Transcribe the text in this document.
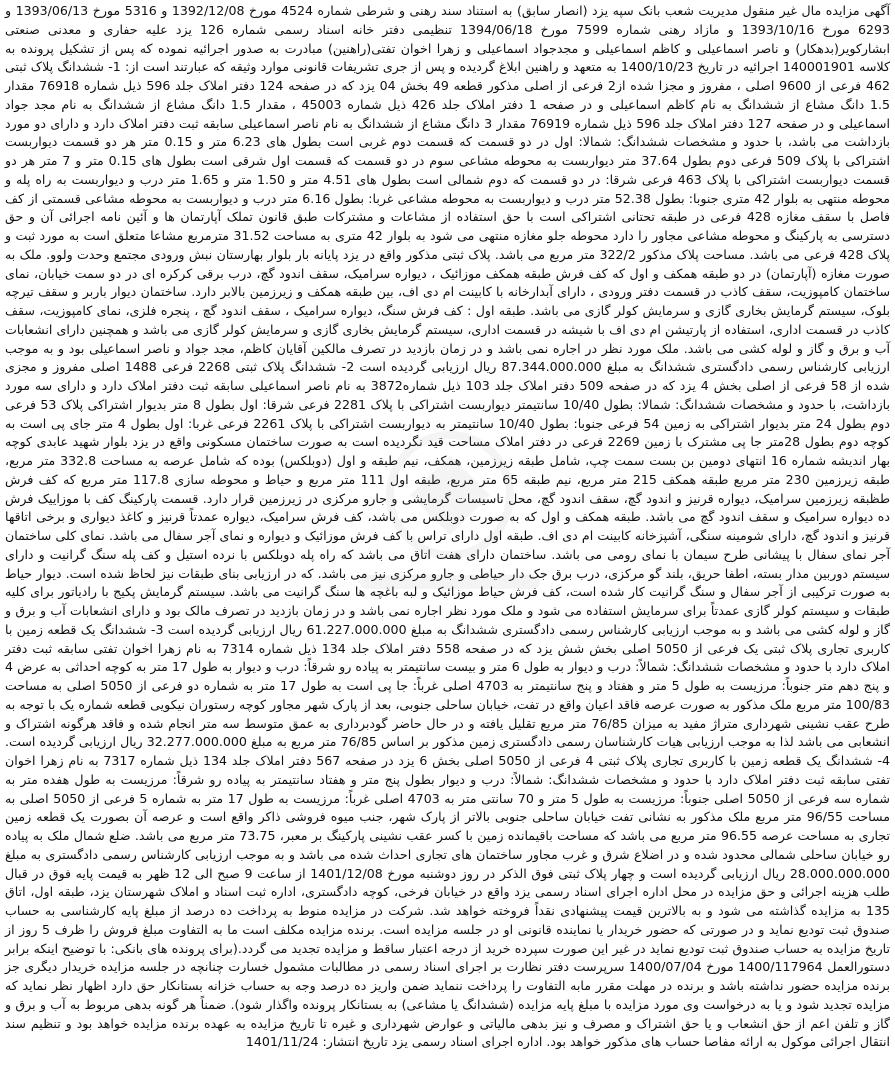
آگهی مزایده مال غیر منقول مدیریت شعب بانک سپه یزد (انصار سابق) به استناد سند رهنی و شرطی شماره 4524 مورخ 1392/12/08 و 5316 مورخ 1393/06/13 و 6293 مورخ 1393/10/16 و مازاد رهنی شماره 7599 مورخ 1394/06/18 تنظیمی دفتر خانه اسناد رسمی شماره 126 یزد علیه حفاری و معدنی صنعتی ابشارکویر(بدهکار) و ناصر اسماعیلی و کاظم اسماعیلی و مجدجواد اسماعیلی و زهرا اخوان تفتی(راهنین) مبادرت به صدور اجرائیه نموده که پس از تشکیل پرونده به کلاسه 140001901 اجرائیه در تاریخ 1400/10/23 به متعهد و راهنین ابلاغ گردیده و پس از جری تشریفات قانونی موارد وثیقه که عبارتند است از: 1- ششدانگ پلاک ثبتی 462 فرعی از 9600 اصلی ، مفروز و مجزا شده از2 فرعی از اصلی مذکور قطعه 49 بخش 04 یزد که در صفحه 124 دفتر املاک جلد 596 ذیل شماره 76918 مقدار 1.5 دانگ مشاع از ششدانگ به نام کاظم اسماعیلی و در صفحه 1 دفتر املاک جلد 426 ذیل شماره 45003 ، مقدار 1.5 دانگ مشاع از ششدانگ به نام مجد جواد اسماعیلی و در صفحه 127 دفتر املاک جلد 596 ذیل شماره 76919 مقدار 3 دانگ مشاع از ششدانگ به نام ناصر اسماعیلی سابقه ثبت دفتر املاک دارد و دارای دو مورد بازداشت می باشد، با حدود و مشخصات ششدانگ: شمالا: اول در دو قسمت که قسمت دوم غربی است بطول های 6.23 متر و 0.15 متر هر دو قسمت دیواربست اشتراکی با پلاک 509 فرعی دوم بطول 37.64 متر دیواربست به محوطه مشاعی سوم در دو قسمت که قسمت اول شرقی است بطول های 0.15 متر و 7 متر هر دو قسمت دیواربست اشتراکی با پلاک 463 فرعی شرقا: در دو قسمت که دوم شمالی است بطول های 4.51 متر و 1.50 متر و 1.65 متر درب و دیواربست به راه پله و محوطه منتهی به بلوار 42 متری جنوبا: بطول 52.38 متر درب و دیواربست به محوطه مشاعی غربا: بطول 6.16 متر درب و دیواربست به محوطه مشاعی قسمتی از کف فاصل با سقف مغازه 428 فرعی در طبقه تحتانی اشتراکی است با حق استفاده از مشاعات و مشترکات طبق قانون تملک آپارتمان ها و آئین نامه اجرائی آن و حق دسترسی به پارکینگ و محوطه مشاعی مجاور را دارد محوطه جلو مغازه منتهی می شود به بلوار 42 متری به مساحت 31.52 مترمربع مشاعا متعلق است به مورد ثبت و پلاک 428 فرعی می باشد. مساحت پلاک مذکور 322/2 متر مربع می باشد. پلاک ثبتی مذکور واقع در یزد پایانه بار بلوار بهارستان نبش ورودی مجتمع وحدت ولوو. ملک به صورت مغازه (آپارتمان) در دو طبقه همکف و اول که کف فرش طبقه همکف موزائیک ، دیواره سرامیک، سقف اندود گچ، درب برقی کرکره ای در دو سمت خیابان، نمای ساختمان کامپوزیت، سقف کاذب در قسمت دفتر ورودی ، دارای آبدارخانه با کابینت ام دی اف، بین طبقه همکف و زیرزمین بالابر دارد. ساختمان دیوار باربر و سقف تیرچه بلوک، سیستم گرمایش بخاری گازی و سرمایش کولر گازی می باشد. طبقه اول : کف فرش سنگ، دیواره سرامیک ، سقف اندود گچ ، پنجره فلزی، نمای کامپوزیت، سقف کاذب در قسمت اداری، استفاده از پارتیشن ام دی اف با شیشه در قسمت اداری، سیستم گرمایش بخاری گازی و سرمایش کولر گازی می باشد و همچنین دارای انشعابات آب و برق و گاز و لوله کشی می باشد. ملک مورد نظر در اجاره نمی باشد و در زمان بازدید در تصرف مالکین آقایان کاظم، مجد جواد و ناصر اسماعیلی بود و به موجب ارزیابی کارشناس رسمی دادگستری ششدانگ به مبلغ 87.344.000.000 ریال ارزیابی گردیده است 2- ششدانگ پلاک ثبتی 2268 فرعی 1488 اصلی مفروز و مجزی شده از 58 فرعی از اصلی بخش 4 یزد که در صفحه 509 دفتر املاک جلد 103 ذیل شماره3872 به نام ناصر اسماعیلی سابقه ثبت دفتر املاک دارد و دارای سه مورد بازداشت، با حدود و مشخصات ششدانگ: شمالا: بطول 10/40 سانتیمتر دیواربست اشتراکی با پلاک 2281 فرعی شرقا: اول بطول 8 متر بدیوار اشتراکی پلاک 53 فرعی دوم بطول 24 متر بدیوار اشتراکی به زمین 54 فرعی جنوبا: بطول 10/40 سانتیمتر به دیواربست اشتراکی با پلاک 2261 فرعی غربا: اول بطول 4 متر جای پی است به کوچه دوم بطول 28متر جا پی مشترک با زمین 2269 فرعی در دفتر املاک مساحت قید نگردیده است به صورت ساختمان مسکونی واقع در یزد بلوار شهید عابدی کوچه بهار اندیشه شماره 16 انتهای دومین بن بست سمت چپ، شامل طبقه زیرزمین، همکف، نیم طبقه و اول (دوبلکس) بوده که شامل عرصه به مساحت 332.8 متر مربع، طبقه زیرزمین 230 متر مربع طبقه همکف 215 متر مربع، نیم طبقه 65 متر مربع، طبقه اول 111 متر مربع و حیاط و محوطه سازی 117.8 متر مربع که کف فرش طظبقه زیرزمین سرامیک، دیواره قرنیز و اندود گچ، سقف اندود گچ، محل تاسیسات گرمایشی و جارو مرکزی در زیرزمین قرار دارد. قسمت پارکینگ کف با موزاییک فرش ده دیواره سرامیک و سقف اندود گچ می باشد. طبقه همکف و اول که به صورت دوبلکس می باشد، کف فرش سرامیک، دیواره عمدتاً قرنیز و کاغذ دیواری و برخی اتاقها قرنیز و اندود گچ، دارای شومینه سنگی، آشپزخانه کابینت ام دی اف. طبقه اول دارای تراس با کف فرش موزائیک و دیواره و نمای آجر سفال می باشد. نمای کلی ساختمان آجر نمای سفال با پیشانی طرح سیمان با نمای رومی می باشد. ساختمان دارای هفت اتاق می باشد که راه پله دوبلکس با نرده استیل و کف پله سنگ گرانیت و دارای سیستم دوربین مدار بسته، اطفا حریق، بلند گو مرکزی، درب برق جک دار حیاطی و جارو مرکزی نیز می باشد. که در ارزیابی بنای طبقات نیز لحاظ شده است. دیوار حیاط به صورت ترکیبی از آجر سفال و سنگ گرانیت کار شده است، کف فرش حیاط موزائیک و لبه باغچه ها سنگ گرانیت می باشد. سیستم گرمایش پکیج با رادیاتور برای کلیه طبقات و سیستم کولر گازی عمدتاً برای سرمایش استفاده می شود و ملک مورد نظر اجاره نمی باشد و در زمان بازدید در تصرف مالک بود و دارای انشعابات آب و برق و گاز و لوله کشی می باشد و به موجب ارزیابی کارشناس رسمی دادگستری ششدانگ به مبلغ 61.227.000.000 ریال ارزیابی گردیده است 3- ششدانگ یک قطعه زمین با کاربری تجاری پلاک ثبتی یک فرعی از 5050 اصلی بخش شش یزد که در صفحه 558 دفتر املاک جلد 134 ذیل شماره 7314 به نام زهرا اخوان تفتی سابقه ثبت دفتر املاک دارد با حدود و مشخصات ششدانگ: شمالاً: درب و دیوار به طول 6 متر و بیست سانتیمتر به پیاده رو شرقاً: درب و دیوار به طول 17 متر به کوچه احداثی به عرض 4 و پنج دهم متر جنوباً: مرزیست به طول 5 متر و هفتاد و پنج سانتیمتر به 4703 اصلی غرباً: جا پی است به طول 17 متر به شماره دو فرعی از 5050 اصلی به مساحت 100/83 متر مربع ملک مذکور به صورت عرصه فاقد اعیان واقع در تفت، خیابان ساحلی جنوبی، بعد از پارک شهر مجاور کوچه رستوران نیکویی قطعه شماره یک با توجه به طرح عقب نشینی شهرداری متراژ مفید به میزان 76/85 متر مربع تقلیل یافته و در حال حاضر گودبرداری به عمق متوسط سه متر انجام شده و فاقد هرگونه اشتراک و انشعابی می باشد لذا به موجب ارزیابی هیات کارشناسان رسمی دادگستری زمین مذکور بر اساس 76/85 متر مربع به مبلغ 32.277.000.000 ریال ارزیابی گردیده است. 4- ششدانگ یک قطعه زمین با کاربری تجاری پلاک ثبتی 4 فرعی از 5050 اصلی بخش 6 یزد در صفحه 567 دفتر املاک جلد 134 ذیل شماره 7317 به نام زهرا اخوان تفتی سابقه ثبت دفتر املاک دارد با حدود و مشخصات ششدانگ: شمالاً: درب و دیوار بطول پنج متر و هفتاد سانتیمتر به پیاده رو شرقاً: مرزیست به طول هفده متر به شماره سه فرعی از 5050 اصلی جنوباً: مرزیست به طول 5 متر و 70 سانتی متر به 4703 اصلی غرباً: مرزیست به طول 17 متر به شماره 5 فرعی از 5050 اصلی به مساحت 96/55 متر مربع ملک مذکور به نشانی تفت خیابان ساحلی جنوبی بالاتر از پارک شهر، جنب میوه فروشی ذاکر واقع است و عرصه آن بصورت یک قطعه زمین تجاری به مساحت عرصه 96.55 متر مربع می باشد که مساحت باقیمانده زمین با کسر عقب نشینی پارکینگ بر معبر، 73.75 متر مربع می باشد. ضلع شمال ملک به پیاده رو خیابان ساحلی شمالی محدود شده و در اضلاع شرق و غرب مجاور ساختمان های تجاری احداث شده می باشد و به موجب ارزیابی کارشناس رسمی دادگستری به مبلغ 28.000.000.000 ریال ارزیابی گردیده است و چهار پلاک ثبتی فوق الذکر در روز دوشنبه مورخ 1401/12/08 از ساعت 9 صبح الی 12 ظهر به قیمت پایه فوق در قبال طلب هزینه اجرائی و حق مزایده در محل اداره اجرای اسناد رسمی یزد واقع در خیابان فرخی، کوچه دادگستری، اداره ثبت اسناد و املاک شهرستان یزد، طبقه اول، اتاق 135 به مزایده گذاشته می شود و به بالاترین قیمت پیشنهادی نقداً فروخته خواهد شد. شرکت در مزایده منوط به پرداخت ده درصد از مبلغ پایه کارشناسی به حساب صندوق ثبت تودیع نماید و در صورتی که حضور خریدار یا نماینده قانونی او در جلسه مزایده است. برنده مزایده مکلف است ما به التفاوت مبلغ فروش را ظرف 5 روز از تاریخ مزایده به حساب صندوق ثبت تودیع نماید در غیر این صورت سپرده خرید از درجه اعتبار ساقط و مزایده تجدید می گردد.(برای پرونده های بانکی: با توضیح اینکه برابر دستورالعمل 1400/117964 مورخ 1400/07/04 سرپرست دفتر نظارت بر اجرای اسناد رسمی در مطالبات مشمول خسارت چنانچه در جلسه مزایده خریدار دیگری جز برنده مزایده حضور نداشته باشد و برنده در مهلت مقرر مابه التفاوت را پرداخت ننماید ضمن واریز ده درصد وجه به حساب خزانه بستانکار حق دارد اظهار نظر نماید که مزایده تجدید شود و یا به درخواست وی مورد مزایده با مبلغ پایه مزایده (ششدانگ یا مشاعی) به بستانکار پرونده واگذار شود). ضمناً هر گونه بدهی مربوط به آب و برق و گاز و تلفن اعم از حق انشعاب و یا حق اشتراک و مصرف و نیز بدهی مالیاتی و عوارض شهرداری و غیره تا تاریخ مزایده به عهده برنده مزایده خواهد بود و تنظیم سند انتقال اجرائی موکول به ارائه مفاصا حساب های مذکور خواهد بود. اداره اجرای اسناد رسمی یزد تاریخ انتشار: 1401/11/24
